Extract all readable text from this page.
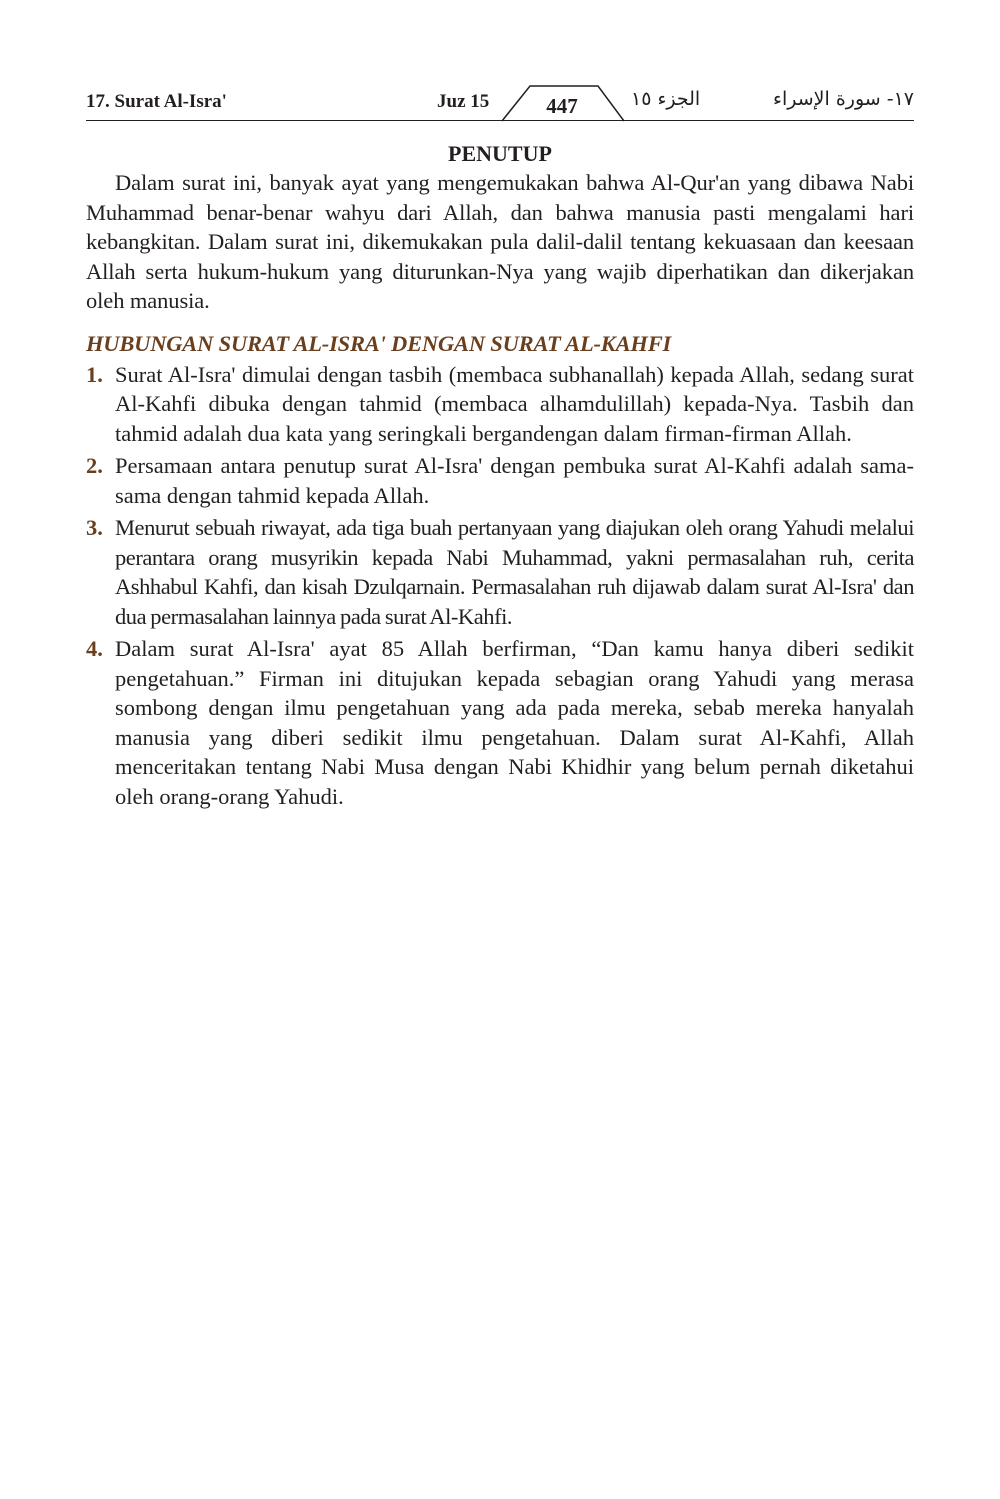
17. Surat Al-Isra'	Juz 15	447	الجزء ١٥	١٧- سورة الإسراء
PENUTUP

Dalam surat ini, banyak ayat yang mengemukakan bahwa Al-Qur'an yang dibawa Nabi Muhammad benar-benar wahyu dari Allah, dan bahwa manusia pasti mengalami hari kebangkitan. Dalam surat ini, dikemukakan pula dalil-dalil tentang kekuasaan dan keesaan Allah serta hukum-hukum yang diturunkan-Nya yang wajib diperhatikan dan dikerjakan oleh manusia.

HUBUNGAN SURAT AL-ISRA' DENGAN SURAT AL-KAHFI
1. Surat Al-Isra' dimulai dengan tasbih (membaca subhanallah) kepada Allah, sedang surat Al-Kahfi dibuka dengan tahmid (membaca alhamdulillah) kepada-Nya. Tasbih dan tahmid adalah dua kata yang seringkali bergandengan dalam firman-firman Allah.
2. Persamaan antara penutup surat Al-Isra' dengan pembuka surat Al-Kahfi adalah sama-sama dengan tahmid kepada Allah.
3. Menurut sebuah riwayat, ada tiga buah pertanyaan yang diajukan oleh orang Yahudi melalui perantara orang musyrikin kepada Nabi Muhammad, yakni permasalahan ruh, cerita Ashhabul Kahfi, dan kisah Dzulqarnain. Permasalahan ruh dijawab dalam surat Al-Isra' dan dua permasalahan lainnya pada surat Al-Kahfi.
4. Dalam surat Al-Isra' ayat 85 Allah berfirman, “Dan kamu hanya diberi sedikit pengetahuan.” Firman ini ditujukan kepada sebagian orang Yahudi yang merasa sombong dengan ilmu pengetahuan yang ada pada mereka, sebab mereka hanyalah manusia yang diberi sedikit ilmu pengetahuan. Dalam surat Al-Kahfi, Allah menceritakan tentang Nabi Musa dengan Nabi Khidhir yang belum pernah diketahui oleh orang-orang Yahudi.
